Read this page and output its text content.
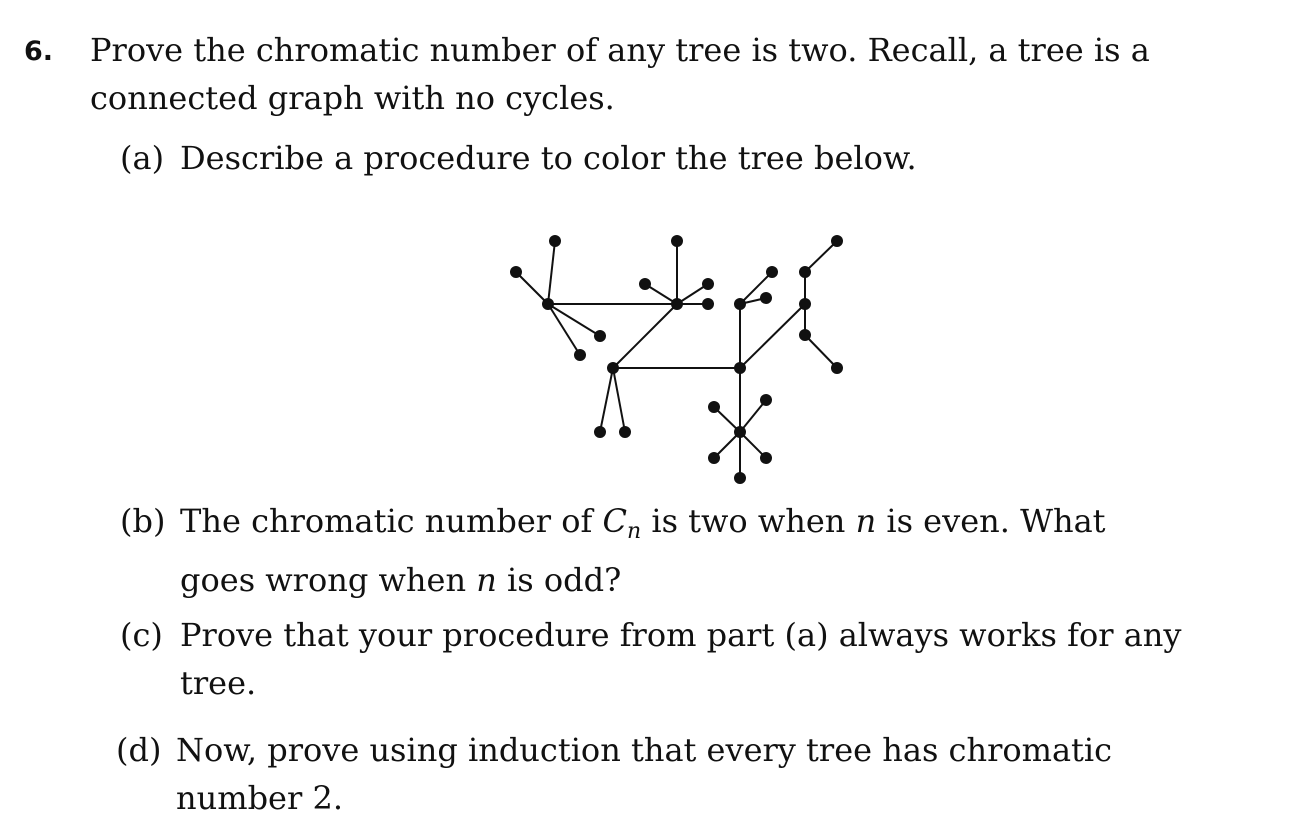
6. Prove the chromatic number of any tree is two. Recall, a tree is a connected graph with no cycles.
(a) Describe a procedure to color the tree below.
(b) The chromatic number of $C_n$ is two when n is even. What goes wrong when n is odd?
(c) Prove that your procedure from part (a) always works for any tree.
(d) Now, prove using induction that every tree has chromatic number 2.
